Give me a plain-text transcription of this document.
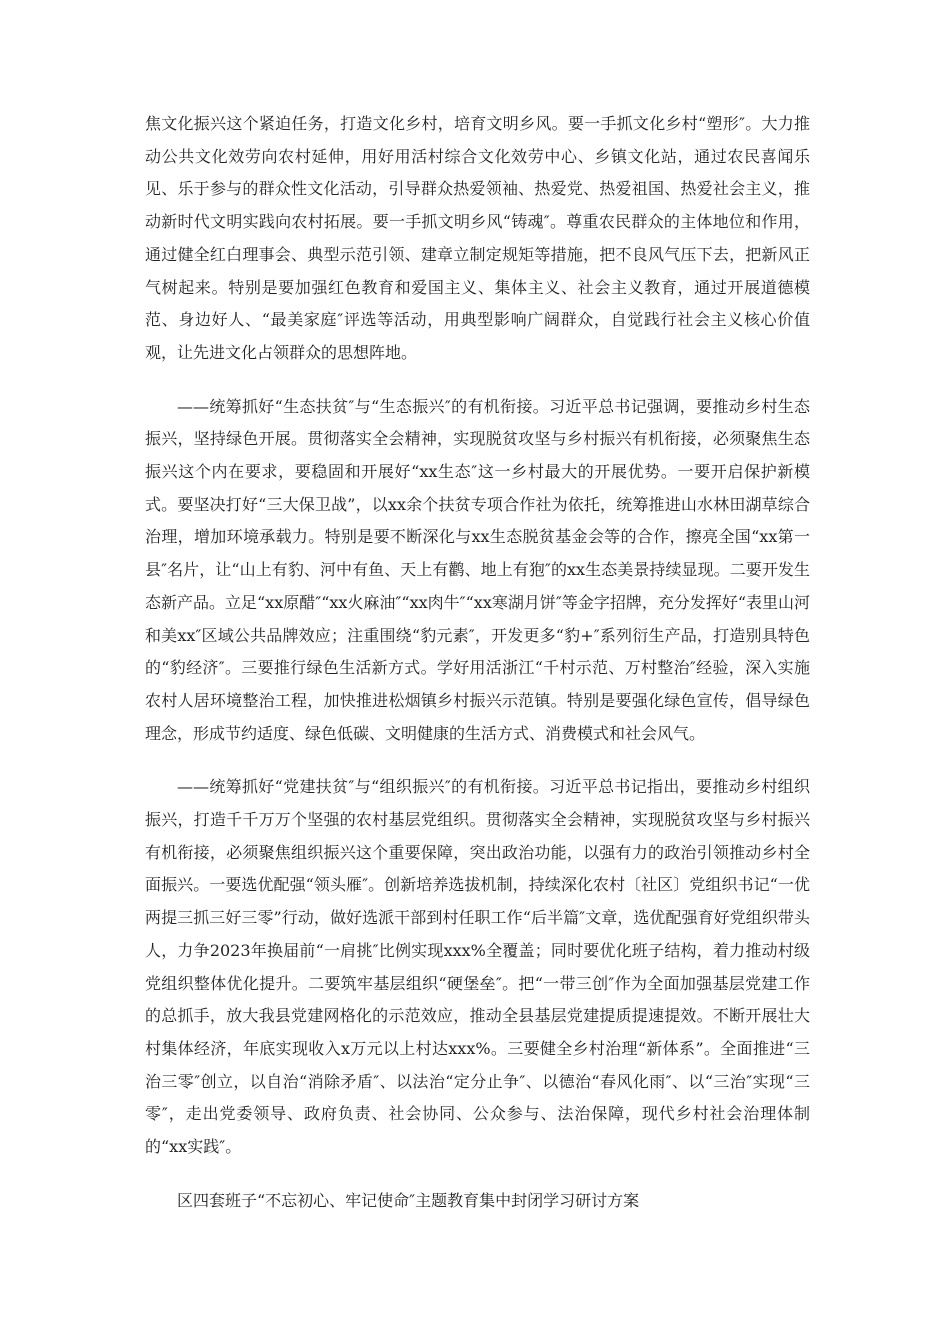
焦文化振兴这个紧迫任务，打造文化乡村，培育文明乡风。要一手抓文化乡村“塑形″。大力推动公共文化效劳向农村延伸，用好用活村综合文化效劳中心、乡镇文化站，通过农民喜闻乐见、乐于参与的群众性文化活动，引导群众热爱领袖、热爱党、热爱祖国、热爱社会主义，推动新时代文明实践向农村拓展。要一手抓文明乡风“铸魂″。尊重农民群众的主体地位和作用，通过健全红白理事会、典型示范引领、建章立制定规矩等措施，把不良风气压下去，把新风正气树起来。特别是要加强红色教育和爱国主义、集体主义、社会主义教育，通过开展道德模范、身边好人、“最美家庭″评选等活动，用典型影响广阔群众，自觉践行社会主义核心价值观，让先进文化占领群众的思想阵地。

——统筹抓好“生态扶贫″与“生态振兴″的有机衔接。习近平总书记强调，要推动乡村生态振兴，坚持绿色开展。贯彻落实全会精神，实现脱贫攻坚与乡村振兴有机衔接，必须聚焦生态振兴这个内在要求，要稳固和开展好“xx生态″这一乡村最大的开展优势。一要开启保护新模式。要坚决打好“三大保卫战”，以xx余个扶贫专项合作社为依托，统筹推进山水林田湖草综合治理，增加环境承载力。特别是要不断深化与xx生态脱贫基金会等的合作，擦亮全国“xx第一县″名片，让“山上有豹、河中有鱼、天上有鹳、地上有狍″的xx生态美景持续显现。二要开发生态新产品。立足“xx原醋″“xx火麻油″“xx肉牛″“xx寒湖月饼″等金字招牌，充分发挥好“表里山河和美xx″区域公共品牌效应；注重围绕“豹元素″，开发更多“豹+″系列衍生产品，打造别具特色的“豹经济″。三要推行绿色生活新方式。学好用活浙江“千村示范、万村整治″经验，深入实施农村人居环境整治工程，加快推进松烟镇乡村振兴示范镇。特别是要强化绿色宣传，倡导绿色理念，形成节约适度、绿色低碳、文明健康的生活方式、消费模式和社会风气。

——统筹抓好“党建扶贫″与“组织振兴″的有机衔接。习近平总书记指出，要推动乡村组织振兴，打造千千万万个坚强的农村基层党组织。贯彻落实全会精神，实现脱贫攻坚与乡村振兴有机衔接，必须聚焦组织振兴这个重要保障，突出政治功能，以强有力的政治引领推动乡村全面振兴。一要选优配强“领头雁″。创新培养选拔机制，持续深化农村〔社区〕党组织书记“一优两提三抓三好三零”行动，做好选派干部到村任职工作“后半篇″文章，选优配强育好党组织带头人，力争2023年换届前“一肩挑″比例实现xxx%全覆盖；同时要优化班子结构，着力推动村级党组织整体优化提升。二要筑牢基层组织“硬堡垒″。把“一带三创″作为全面加强基层党建工作的总抓手，放大我县党建网格化的示范效应，推动全县基层党建提质提速提效。不断开展壮大村集体经济，年底实现收入x万元以上村达xxx%。三要健全乡村治理“新体系”。全面推进“三治三零″创立，以自治“消除矛盾″、以法治“定分止争″、以德治“春风化雨″、以“三治″实现“三零″，走出党委领导、政府负责、社会协同、公众参与、法治保障，现代乡村社会治理体制的“xx实践″。

区四套班子“不忘初心、牢记使命″主题教育集中封闭学习研讨方案
